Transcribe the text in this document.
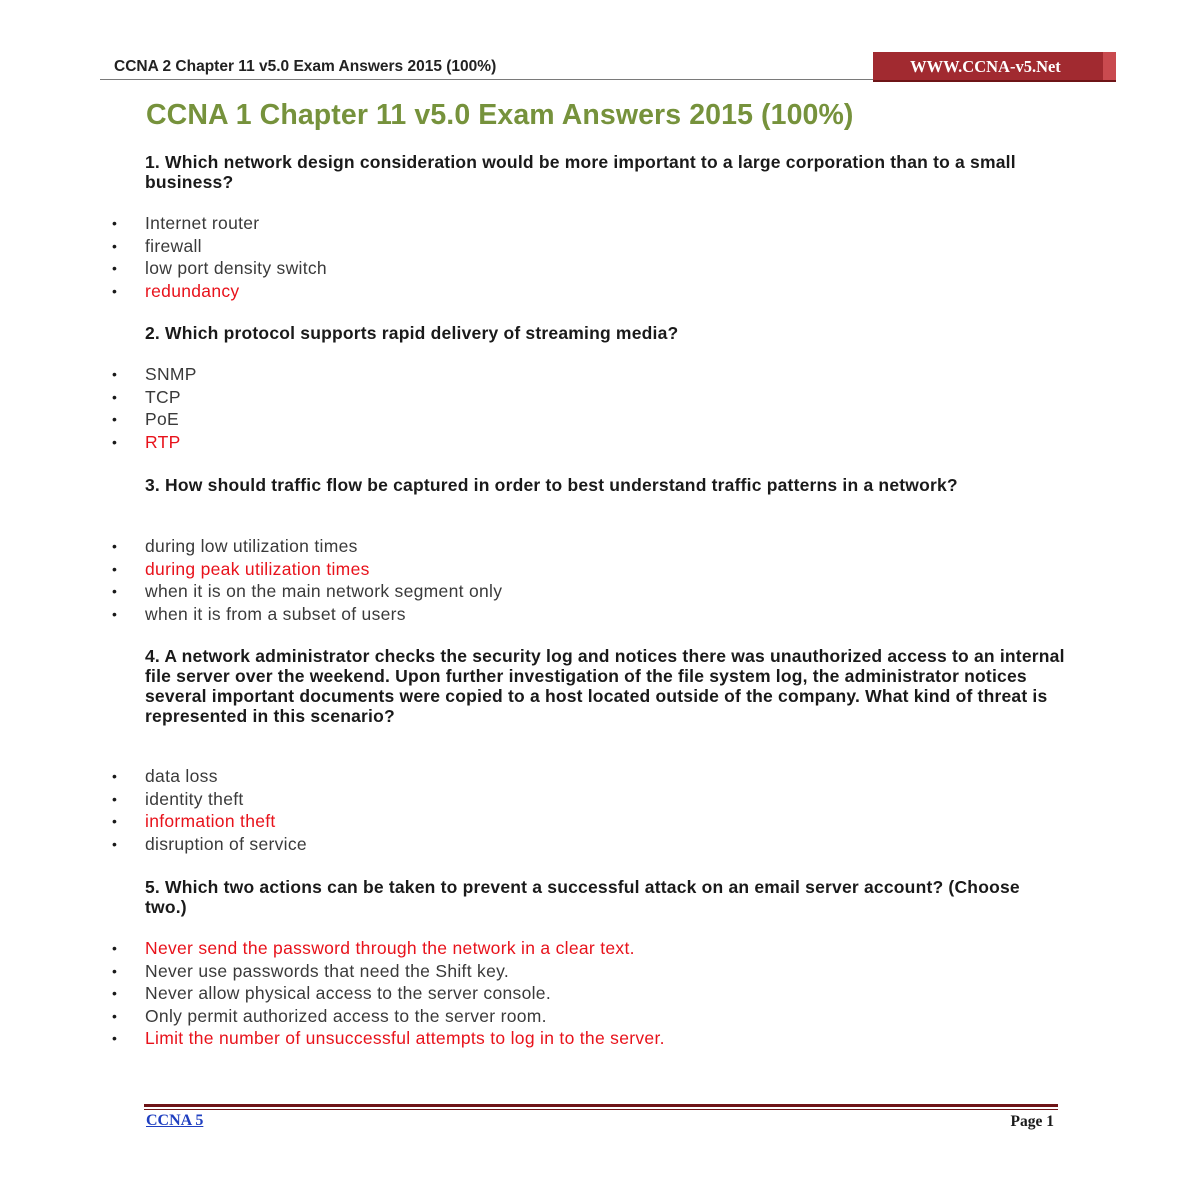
CCNA 2 Chapter 11 v5.0 Exam Answers 2015 (100%)	WWW.CCNA-v5.Net
CCNA 1 Chapter 11 v5.0 Exam Answers 2015 (100%)

1. Which network design consideration would be more important to a large corporation than to a small business?

• Internet router
• firewall
• low port density switch
• redundancy

2. Which protocol supports rapid delivery of streaming media?

• SNMP
• TCP
• PoE
• RTP

3. How should traffic flow be captured in order to best understand traffic patterns in a network?

• during low utilization times
• during peak utilization times
• when it is on the main network segment only
• when it is from a subset of users

4. A network administrator checks the security log and notices there was unauthorized access to an internal file server over the weekend. Upon further investigation of the file system log, the administrator notices several important documents were copied to a host located outside of the company. What kind of threat is represented in this scenario?

• data loss
• identity theft
• information theft
• disruption of service

5. Which two actions can be taken to prevent a successful attack on an email server account? (Choose two.)

• Never send the password through the network in a clear text.
• Never use passwords that need the Shift key.
• Never allow physical access to the server console.
• Only permit authorized access to the server room.
• Limit the number of unsuccessful attempts to log in to the server.
CCNA 5	Page 1
